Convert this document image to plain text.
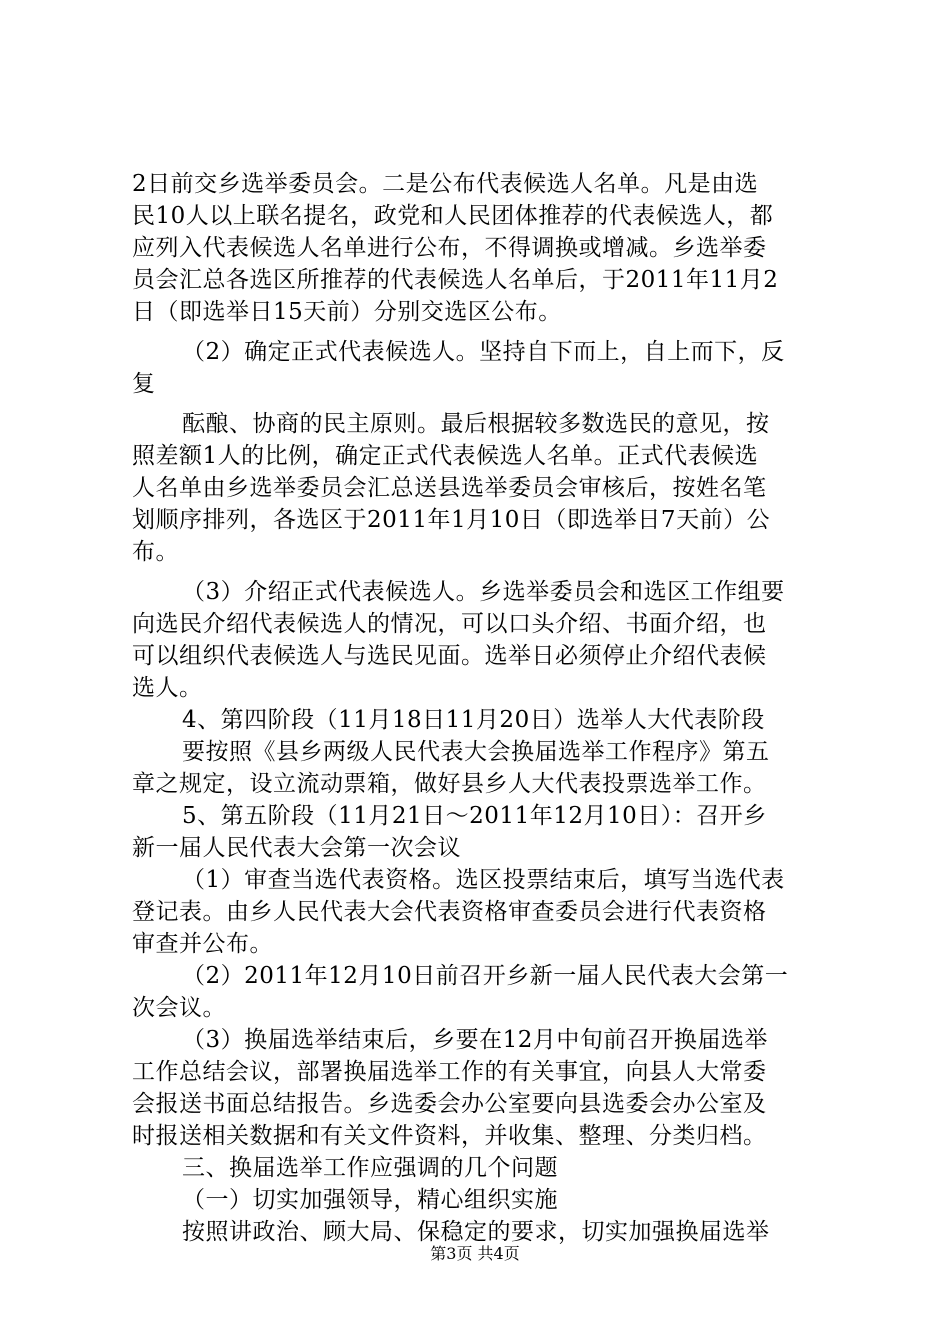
2日前交乡选举委员会。二是公布代表候选人名单。凡是由选
民10人以上联名提名，政党和人民团体推荐的代表候选人，都
应列入代表候选人名单进行公布，不得调换或增减。乡选举委
员会汇总各选区所推荐的代表候选人名单后，于2011年11月2
日（即选举日15天前）分别交选区公布。
（2）确定正式代表候选人。坚持自下而上，自上而下，反
复
酝酿、协商的民主原则。最后根据较多数选民的意见，按
照差额1人的比例，确定正式代表候选人名单。正式代表候选
人名单由乡选举委员会汇总送县选举委员会审核后，按姓名笔
划顺序排列，各选区于2011年1月10日（即选举日7天前）公
布。
（3）介绍正式代表候选人。乡选举委员会和选区工作组要
向选民介绍代表候选人的情况，可以口头介绍、书面介绍，也
可以组织代表候选人与选民见面。选举日必须停止介绍代表候
选人。
4、第四阶段（11月18日11月20日）选举人大代表阶段
要按照《县乡两级人民代表大会换届选举工作程序》第五
章之规定，设立流动票箱，做好县乡人大代表投票选举工作。
5、第五阶段（11月21日～2011年12月10日）：召开乡
新一届人民代表大会第一次会议
（1）审查当选代表资格。选区投票结束后，填写当选代表
登记表。由乡人民代表大会代表资格审查委员会进行代表资格
审查并公布。
（2）2011年12月10日前召开乡新一届人民代表大会第一
次会议。
（3）换届选举结束后，乡要在12月中旬前召开换届选举
工作总结会议，部署换届选举工作的有关事宜，向县人大常委
会报送书面总结报告。乡选委会办公室要向县选委会办公室及
时报送相关数据和有关文件资料，并收集、整理、分类归档。
三、换届选举工作应强调的几个问题
（一）切实加强领导，精心组织实施
按照讲政治、顾大局、保稳定的要求，切实加强换届选举
第3页 共4页
